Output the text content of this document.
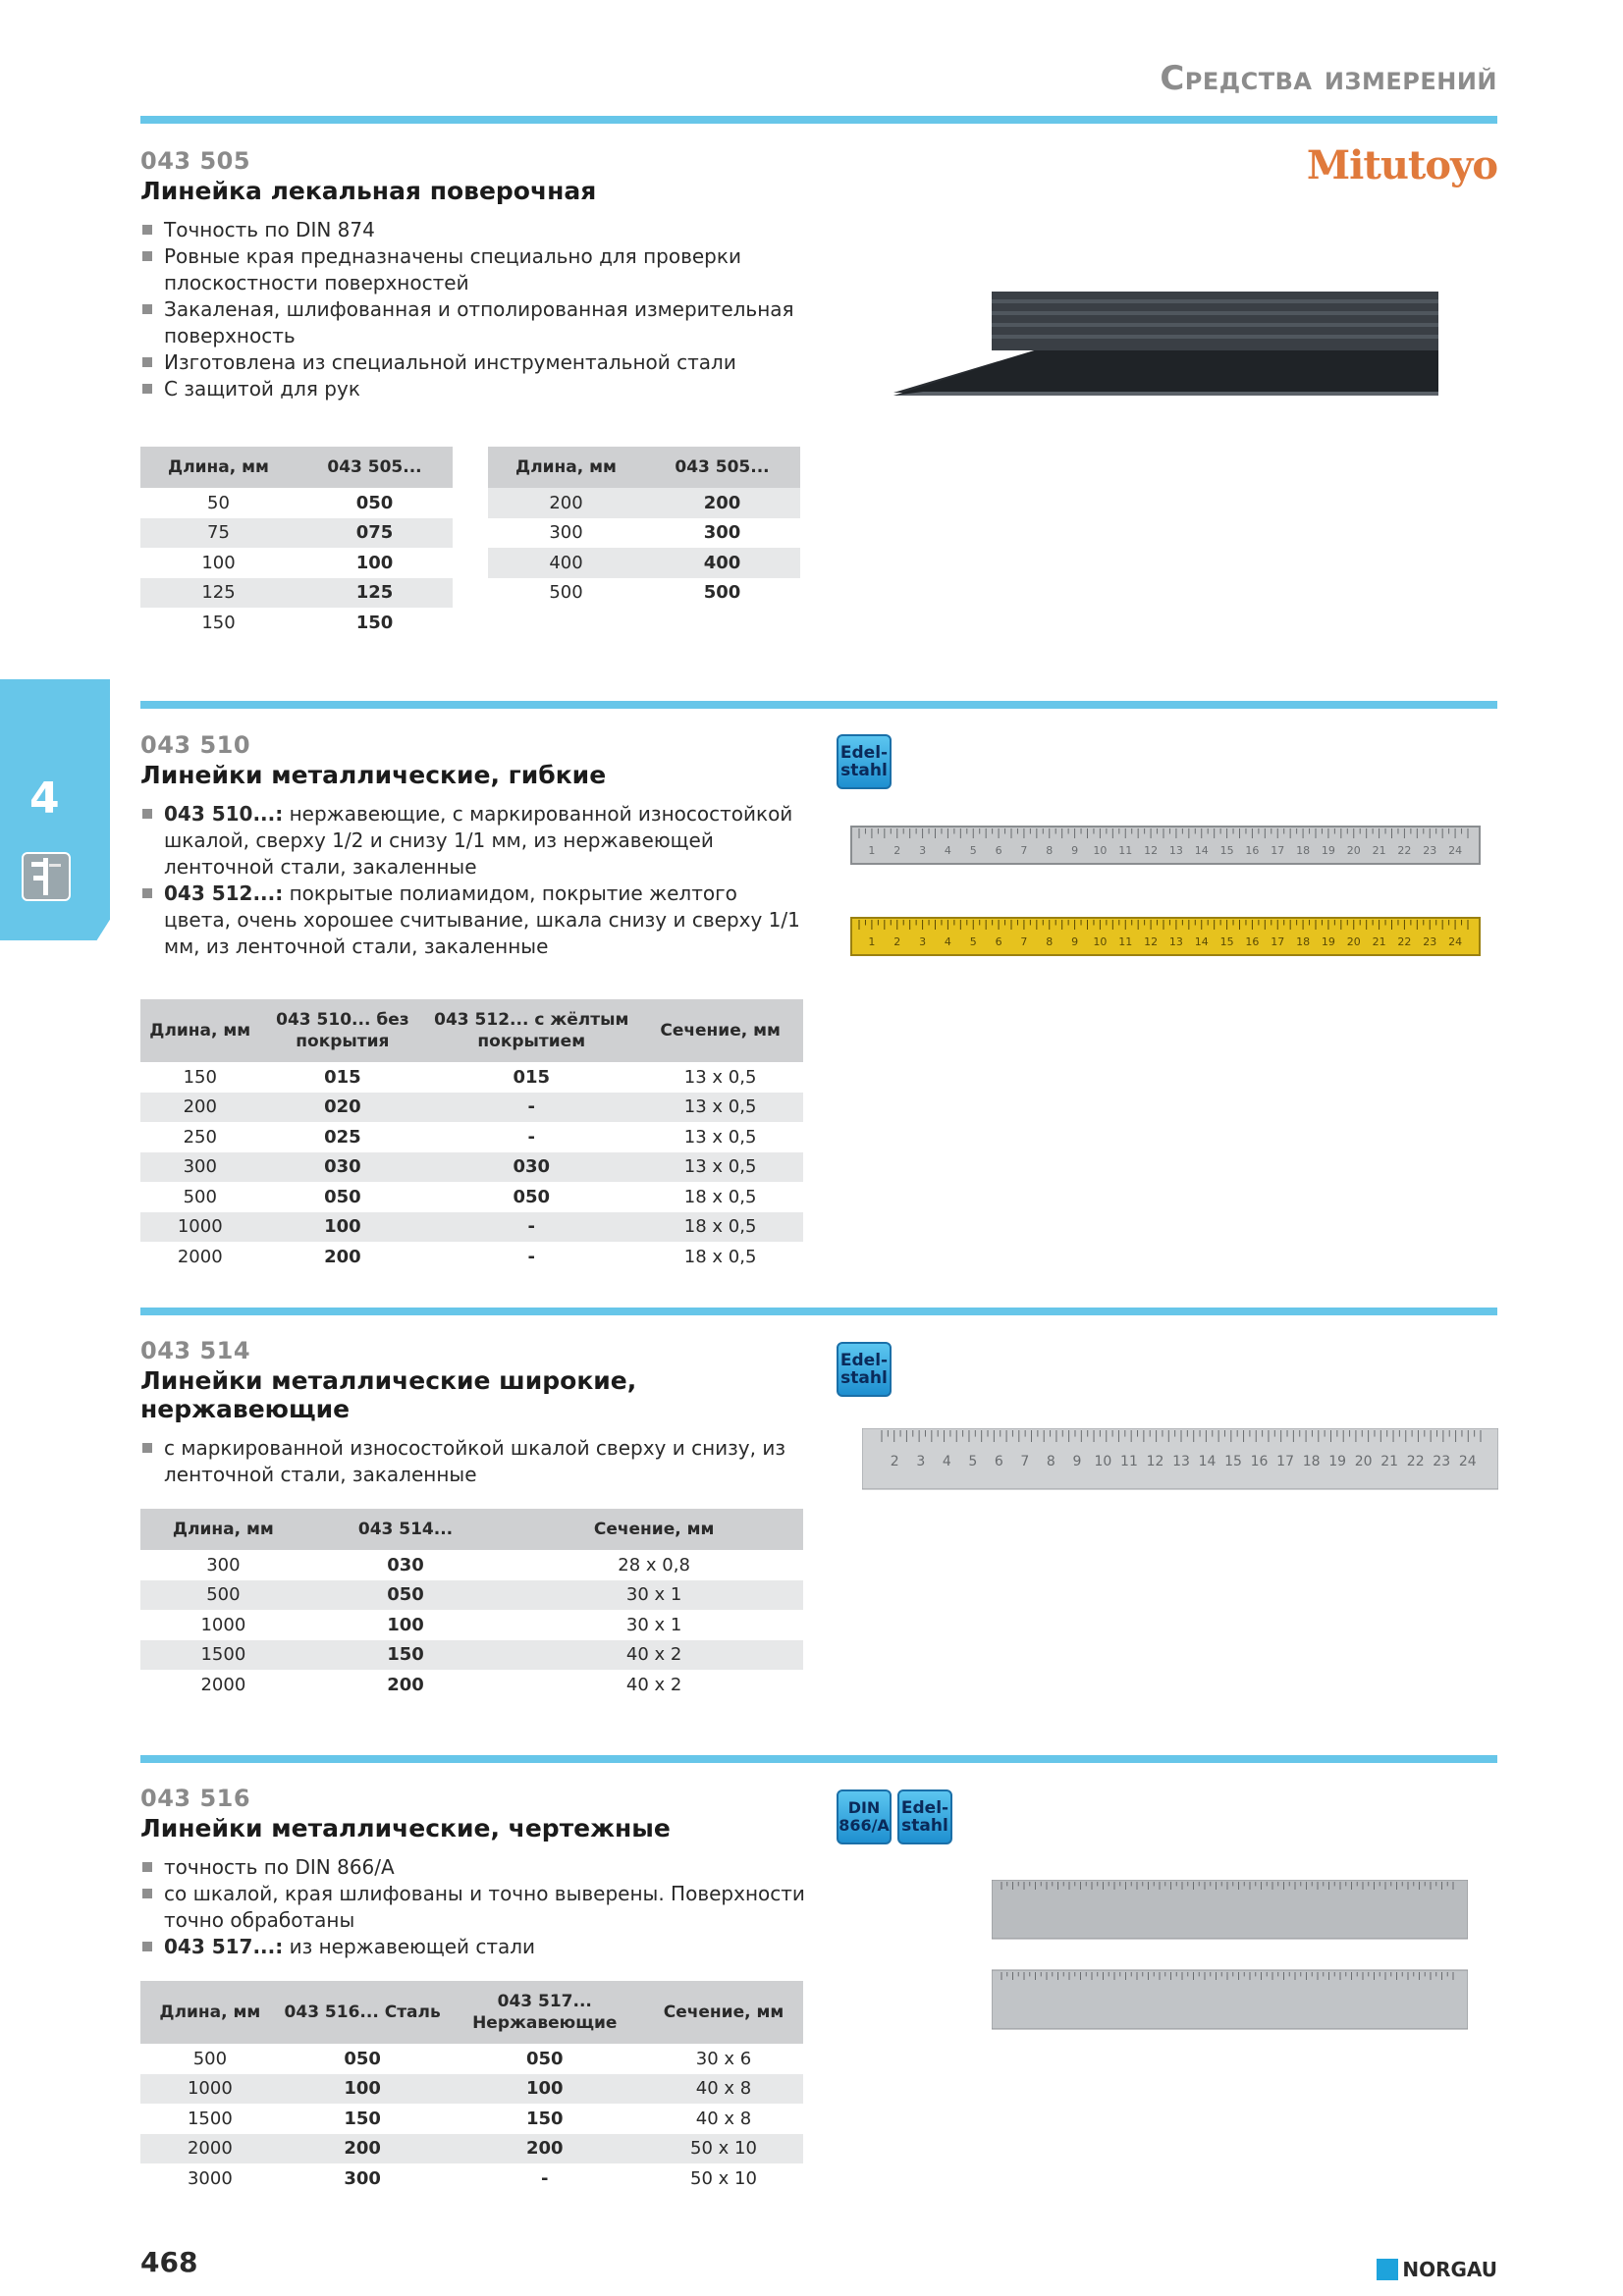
Средства измерений
Mitutoyo
4
043 505
Линейка лекальная поверочная
Точность по DIN 874
Ровные края предназначены специально для проверки плоскостности поверхностей
Закаленая, шлифованная и отполированная измерительная поверхность
Изготовлена из специальной инструментальной стали
С защитой для рук
Длина, мм	043 505...
50	050
75	075
100	100
125	125
150	150
Длина, мм	043 505...
200	200
300	300
400	400
500	500
043 510
Линейки металлические, гибкие
043 510...: нержавеющие, с маркированной износостойкой шкалой, сверху 1/2 и снизу 1/1 мм, из нержавеющей ленточной стали, закаленные
043 512...: покрытые полиамидом, покрытие желтого цвета, очень хорошее считывание, шкала снизу и сверху 1/1 мм, из ленточной стали, закаленные
Edel-
stahl
1 2 3 4 5 6 7 8 9 10 11 12 13 14 15 16 17 18 19 20 21 22 23 24
1 2 3 4 5 6 7 8 9 10 11 12 13 14 15 16 17 18 19 20 21 22 23 24
Длина, мм	043 510... без покрытия	043 512... с жёлтым покрытием	Сечение, мм
150	015	015	13 x 0,5
200	020	-	13 x 0,5
250	025	-	13 x 0,5
300	030	030	13 x 0,5
500	050	050	18 x 0,5
1000	100	-	18 x 0,5
2000	200	-	18 x 0,5
043 514
Линейки металлические широкие, нержавеющие
с маркированной износостойкой шкалой сверху и снизу, из ленточной стали, закаленные
Edel-
stahl
2 3 4 5 6 7 8 9 10 11 12 13 14 15 16 17 18 19 20 21 22 23 24
Длина, мм	043 514...	Сечение, мм
300	030	28 x 0,8
500	050	30 x 1
1000	100	30 x 1
1500	150	40 x 2
2000	200	40 x 2
043 516
Линейки металлические, чертежные
точность по DIN 866/A
со шкалой, края шлифованы и точно выверены. Поверхности точно обработаны
043 517...: из нержавеющей стали
DIN
866/A
Edel-
stahl
Длина, мм	043 516... Сталь	043 517... Нержавеющие	Сечение, мм
500	050	050	30 x 6
1000	100	100	40 x 8
1500	150	150	40 x 8
2000	200	200	50 x 10
3000	300	-	50 x 10
468	NORGAU
